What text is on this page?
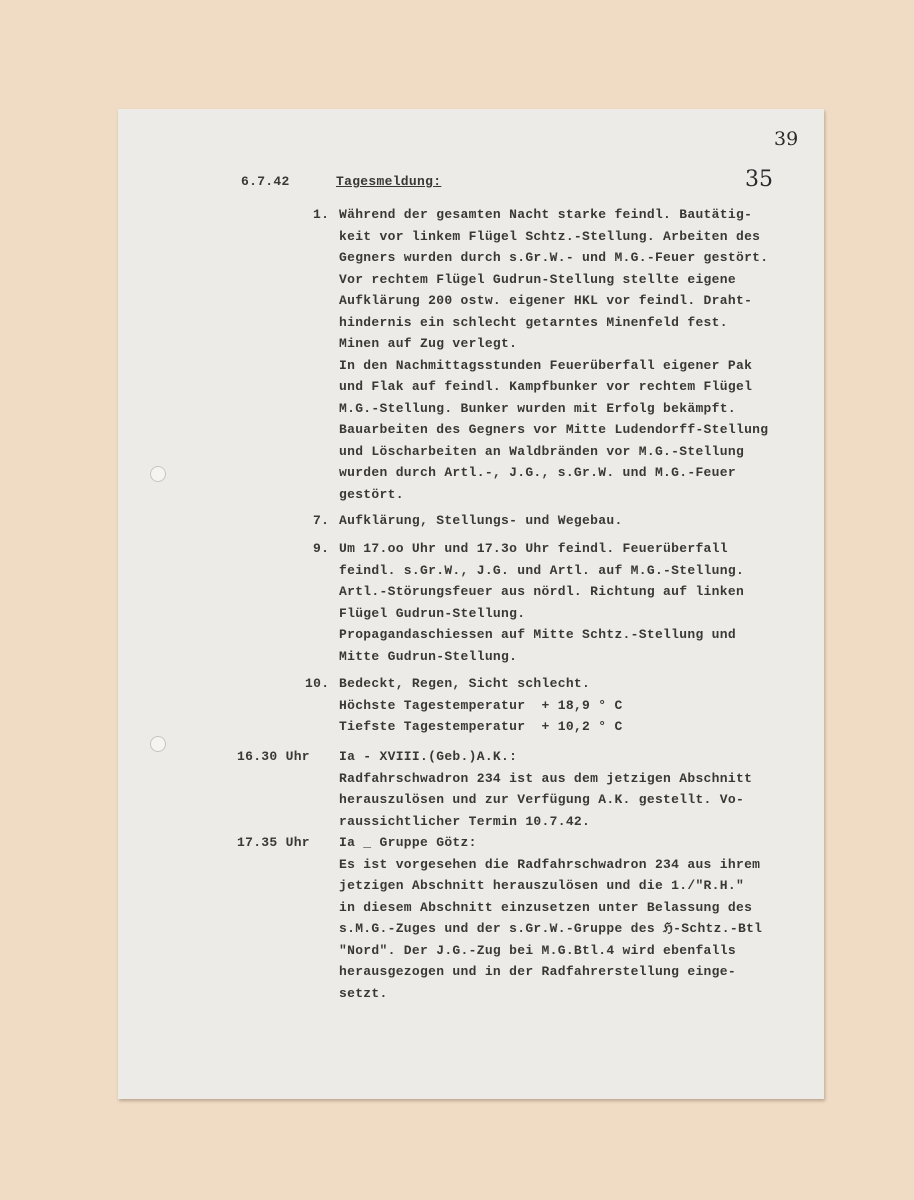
39
35
6.7.42	Tagesmeldung:
1. Während der gesamten Nacht starke feindl. Bautätig-
keit vor linkem Flügel Schtz.-Stellung. Arbeiten des
Gegners wurden durch s.Gr.W.- und M.G.-Feuer gestört.
Vor rechtem Flügel Gudrun-Stellung stellte eigene
Aufklärung 200 ostw. eigener HKL vor feindl. Draht-
hindernis ein schlecht getarntes Minenfeld fest.
Minen auf Zug verlegt.
In den Nachmittagsstunden Feuerüberfall eigener Pak
und Flak auf feindl. Kampfbunker vor rechtem Flügel
M.G.-Stellung. Bunker wurden mit Erfolg bekämpft.
Bauarbeiten des Gegners vor Mitte Ludendorff-Stellung
und Löscharbeiten an Waldbränden vor M.G.-Stellung
wurden durch Artl.-, J.G., s.Gr.W. und M.G.-Feuer
gestört.
7. Aufklärung, Stellungs- und Wegebau.
9. Um 17.oo Uhr und 17.3o Uhr feindl. Feuerüberfall
feindl. s.Gr.W., J.G. und Artl. auf M.G.-Stellung.
Artl.-Störungsfeuer aus nördl. Richtung auf linken
Flügel Gudrun-Stellung.
Propagandaschiessen auf Mitte Schtz.-Stellung und
Mitte Gudrun-Stellung.
10. Bedeckt, Regen, Sicht schlecht.
Höchste Tagestemperatur  + 18,9 ° C
Tiefste Tagestemperatur  + 10,2 ° C
16.30 Uhr Ia - XVIII.(Geb.)A.K.:
Radfahrschwadron 234 ist aus dem jetzigen Abschnitt
herauszulösen und zur Verfügung A.K. gestellt. Vo-
raussichtlicher Termin 10.7.42.
17.35 Uhr Ia _ Gruppe Götz:
Es ist vorgesehen die Radfahrschwadron 234 aus ihrem
jetzigen Abschnitt herauszulösen und die 1./"R.H."
in diesem Abschnitt einzusetzen unter Belassung des
s.M.G.-Zuges und der s.Gr.W.-Gruppe des ℌ-Schtz.-Btl
"Nord". Der J.G.-Zug bei M.G.Btl.4 wird ebenfalls
herausgezogen und in der Radfahrerstellung einge-
setzt.
